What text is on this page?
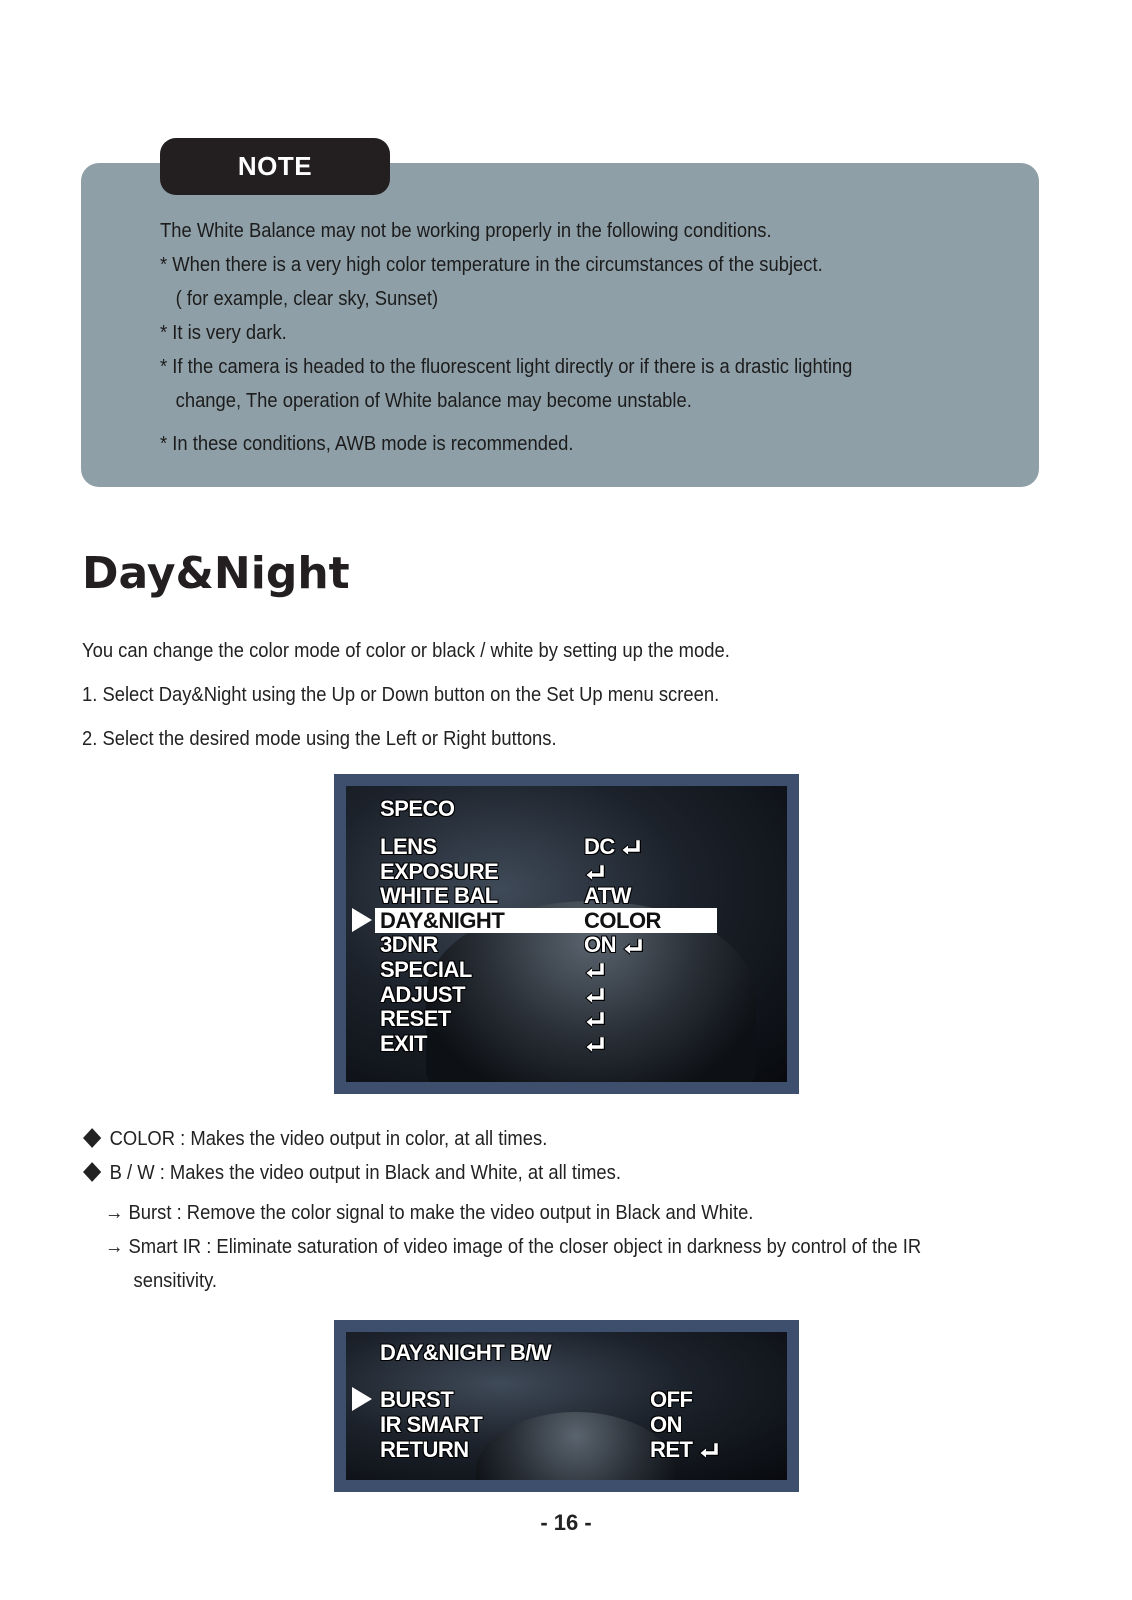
NOTE
The White Balance may not be working properly in the following conditions.
* When there is a very high color temperature in the circumstances of the subject.
( for example, clear sky, Sunset)
* It is very dark.
* If the camera is headed to the fluorescent light directly or if there is a drastic lighting
change, The operation of White balance may become unstable.
* In these conditions, AWB mode is recommended.
Day&Night
You can change the color mode of color or black / white by setting up the mode.
1. Select Day&Night using the Up or Down button on the Set Up menu screen.
2. Select the desired mode using the Left or Right buttons.
SPECO
LENS	DC
EXPOSURE
WHITE BAL	ATW
DAY&NIGHT	COLOR
3DNR	ON
SPECIAL
ADJUST
RESET
EXIT
COLOR : Makes the video output in color, at all times.
B / W : Makes the video output in Black and White, at all times.
→ Burst : Remove the color signal to make the video output in Black and White.
→ Smart IR : Eliminate saturation of video image of the closer object in darkness by control of the IR
sensitivity.
DAY&NIGHT B/W
BURST	OFF
IR SMART	ON
RETURN	RET
- 16 -
